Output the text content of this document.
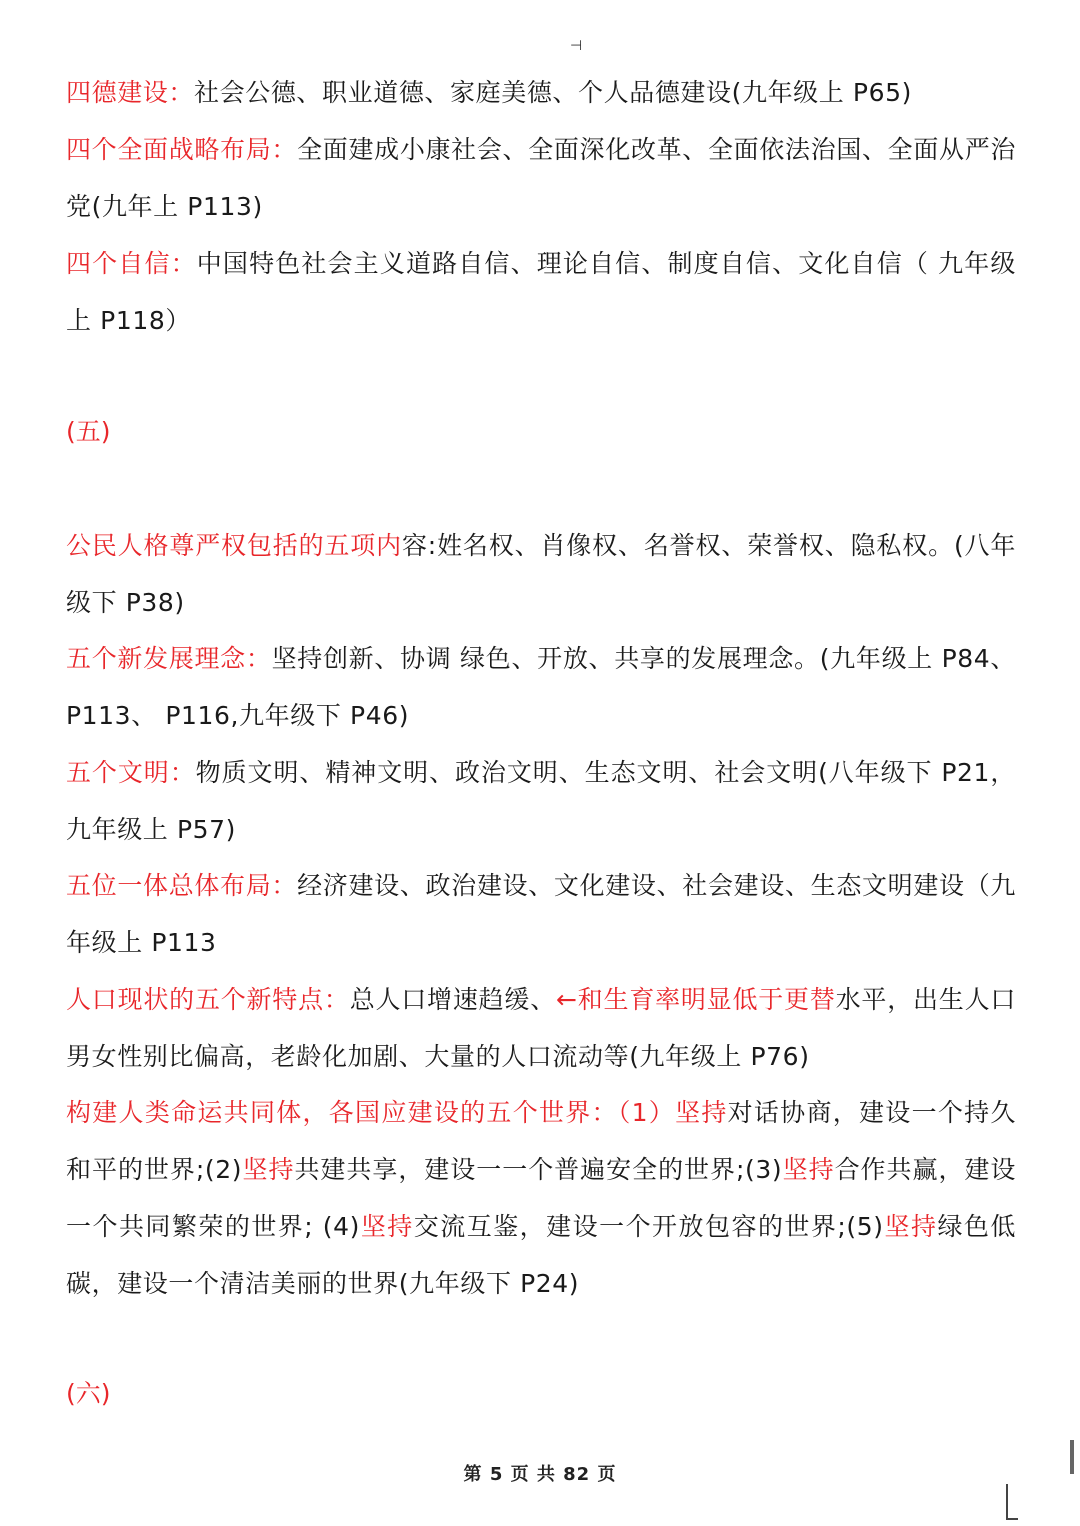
⊣

四德建设：社会公德、职业道德、家庭美德、个人品德建设(九年级上 P65)

四个全面战略布局：全面建成小康社会、全面深化改革、全面依法治国、全面从严治党(九年上 P113)

四个自信：中国特色社会主义道路自信、理论自信、制度自信、文化自信（ 九年级上 P118）

(五)

公民人格尊严权包括的五项内容:姓名权、肖像权、名誉权、荣誉权、隐私权。(八年级下 P38)

五个新发展理念：坚持创新、协调 绿色、开放、共享的发展理念。(九年级上 P84、P113、 P116,九年级下 P46)

五个文明：物质文明、精神文明、政治文明、生态文明、社会文明(八年级下 P21，九年级上 P57)

五位一体总体布局：经济建设、政治建设、文化建设、社会建设、生态文明建设（九年级上 P113

人口现状的五个新特点：总人口增速趋缓、←和生育率明显低于更替水平，出生人口男女性别比偏高，老龄化加剧、大量的人口流动等(九年级上 P76)

构建人类命运共同体，各国应建设的五个世界：（1）坚持对话协商，建设一个持久和平的世界;(2)坚持共建共享，建设一一个普遍安全的世界;(3)坚持合作共赢，建设一个共同繁荣的世界; (4)坚持交流互鉴，建设一个开放包容的世界;(5)坚持绿色低碳，建设一个清洁美丽的世界(九年级下 P24)

(六)
第 5 页 共 82 页
